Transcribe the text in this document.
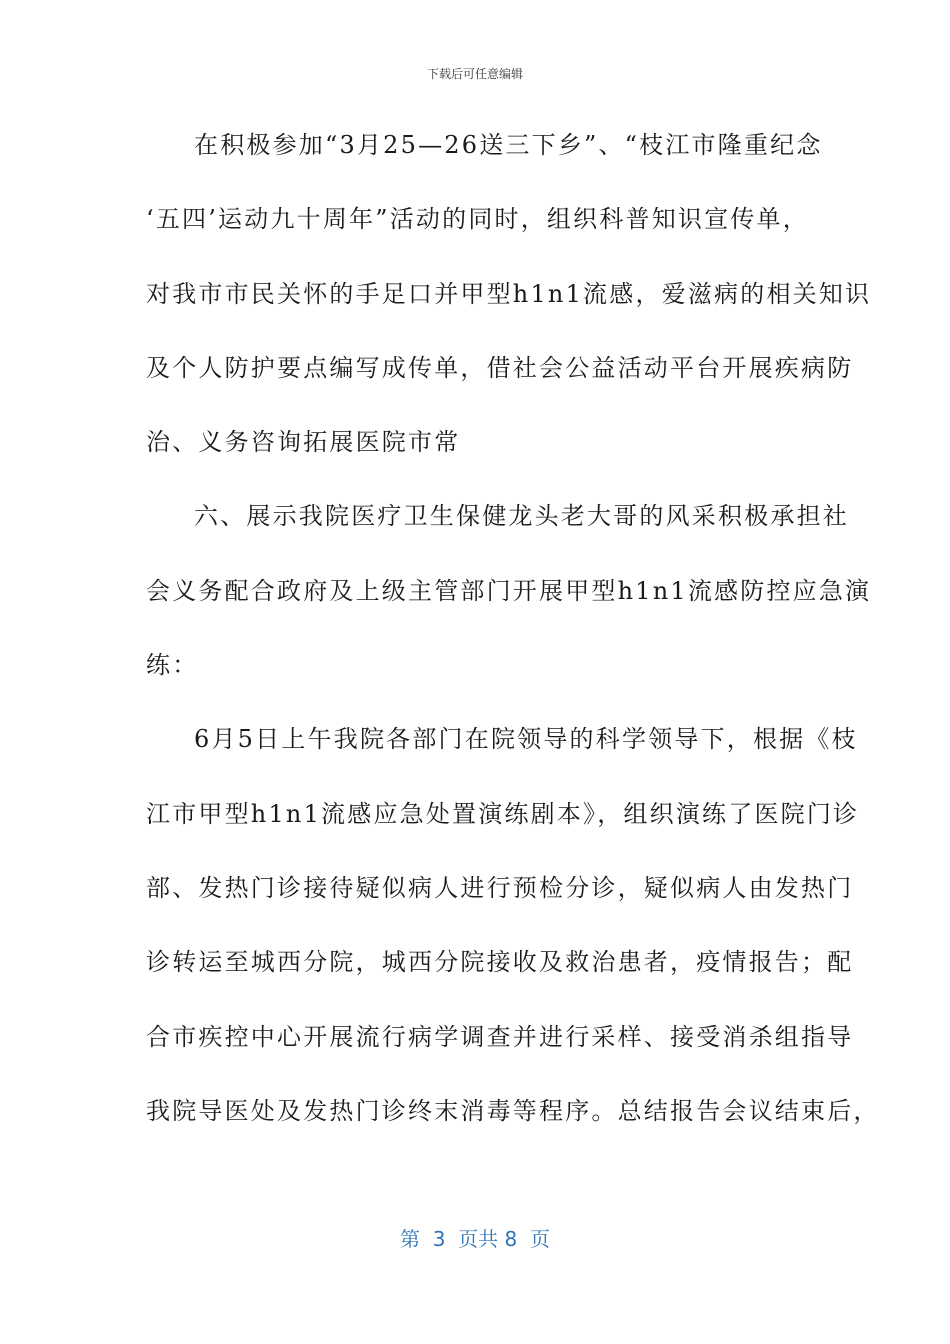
下载后可任意编辑
在积极参加“3月25—26送三下乡”、“枝江市隆重纪念
‘五四’运动九十周年”活动的同时，组织科普知识宣传单，
对我市市民关怀的手足口并甲型h1n1流感，爱滋病的相关知识
及个人防护要点编写成传单，借社会公益活动平台开展疾病防
治、义务咨询拓展医院市常
六、展示我院医疗卫生保健龙头老大哥的风采积极承担社
会义务配合政府及上级主管部门开展甲型h1n1流感防控应急演
练：
6月5日上午我院各部门在院领导的科学领导下，根据《枝
江市甲型h1n1流感应急处置演练剧本》，组织演练了医院门诊
部、发热门诊接待疑似病人进行预检分诊，疑似病人由发热门
诊转运至城西分院，城西分院接收及救治患者，疫情报告；配
合市疾控中心开展流行病学调查并进行采样、接受消杀组指导
我院导医处及发热门诊终末消毒等程序。总结报告会议结束后，
第  3  页共 8  页
